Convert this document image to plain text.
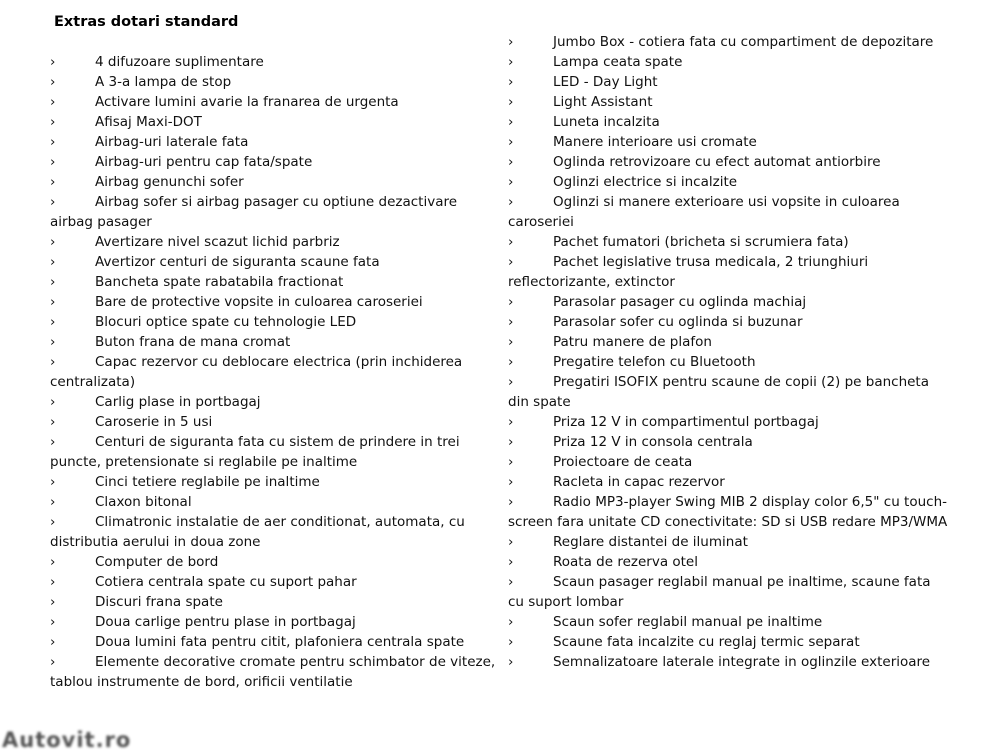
Extras dotari standard
›	4 difuzoare suplimentare
›	A 3-a lampa de stop
›	Activare lumini avarie la franarea de urgenta
›	Afisaj Maxi-DOT
›	Airbag-uri laterale fata
›	Airbag-uri pentru cap fata/spate
›	Airbag genunchi sofer
›	Airbag sofer si airbag pasager cu optiune dezactivare airbag pasager
›	Avertizare nivel scazut lichid parbriz
›	Avertizor centuri de siguranta scaune fata
›	Bancheta spate rabatabila fractionat
›	Bare de protective vopsite in culoarea caroseriei
›	Blocuri optice spate cu tehnologie LED
›	Buton frana de mana cromat
›	Capac rezervor cu deblocare electrica (prin inchiderea centralizata)
›	Carlig plase in portbagaj
›	Caroserie in 5 usi
›	Centuri de siguranta fata cu sistem de prindere in trei puncte, pretensionate si reglabile pe inaltime
›	Cinci tetiere reglabile pe inaltime
›	Claxon bitonal
›	Climatronic instalatie de aer conditionat, automata, cu distributia aerului in doua zone
›	Computer de bord
›	Cotiera centrala spate cu suport pahar
›	Discuri frana spate
›	Doua carlige pentru plase in portbagaj
›	Doua lumini fata pentru citit, plafoniera centrala spate
›	Elemente decorative cromate pentru schimbator de viteze, tablou instrumente de bord, orificii ventilatie
›	Jumbo Box - cotiera fata cu compartiment de depozitare
›	Lampa ceata spate
›	LED - Day Light
›	Light Assistant
›	Luneta incalzita
›	Manere interioare usi cromate
›	Oglinda retrovizoare cu efect automat antiorbire
›	Oglinzi electrice si incalzite
›	Oglinzi si manere exterioare usi vopsite in culoarea caroseriei
›	Pachet fumatori (bricheta si scrumiera fata)
›	Pachet legislative trusa medicala, 2 triunghiuri reflectorizante, extinctor
›	Parasolar pasager cu oglinda machiaj
›	Parasolar sofer cu oglinda si buzunar
›	Patru manere de plafon
›	Pregatire telefon cu Bluetooth
›	Pregatiri ISOFIX pentru scaune de copii (2) pe bancheta din spate
›	Priza 12 V in compartimentul portbagaj
›	Priza 12 V in consola centrala
›	Proiectoare de ceata
›	Racleta in capac rezervor
›	Radio MP3-player Swing MIB 2 display color 6,5" cu touch-screen fara unitate CD conectivitate: SD si USB redare MP3/WMA
›	Reglare distantei de iluminat
›	Roata de rezerva otel
›	Scaun pasager reglabil manual pe inaltime, scaune fata cu suport lombar
›	Scaun sofer reglabil manual pe inaltime
›	Scaune fata incalzite cu reglaj termic separat
›	Semnalizatoare laterale integrate in oglinzile exterioare
Autovit.ro
